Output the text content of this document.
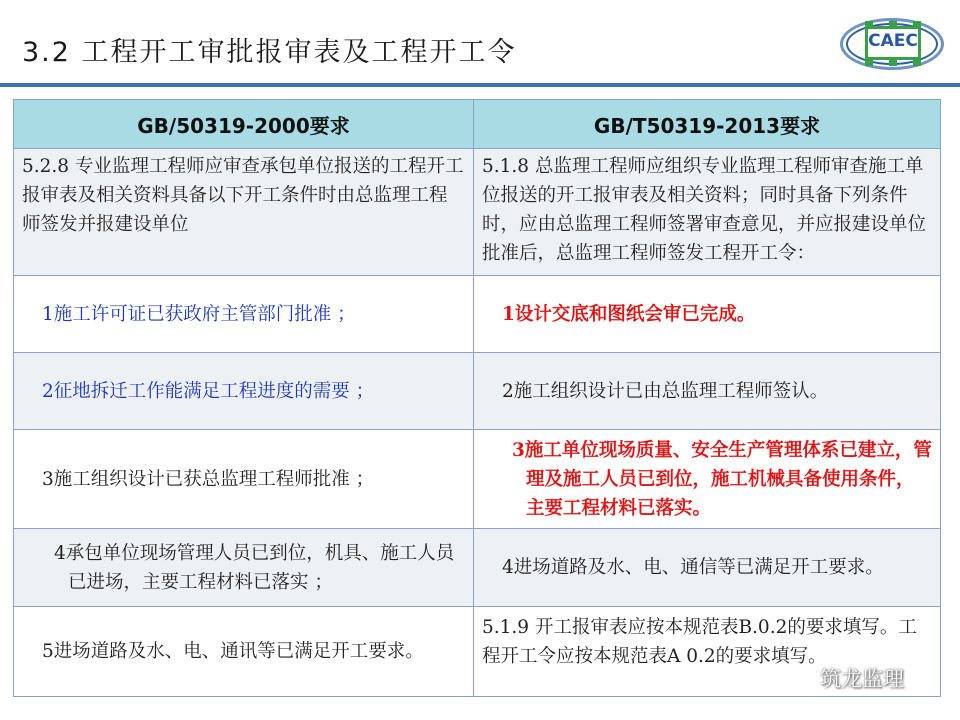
3.2 工程开工审批报审表及工程开工令	CAEC
GB/50319-2000要求	GB/T50319-2013要求
5.2.8 专业监理工程师应审查承包单位报送的工程开工报审表及相关资料具备以下开工条件时由总监理工程师签发并报建设单位	5.1.8 总监理工程师应组织专业监理工程师审查施工单位报送的开工报审表及相关资料；同时具备下列条件时，应由总监理工程师签署审查意见，并应报建设单位批准后，总监理工程师签发工程开工令：
1施工许可证已获政府主管部门批准 ；	1设计交底和图纸会审已完成。
2征地拆迁工作能满足工程进度的需要 ；	2施工组织设计已由总监理工程师签认。
3施工组织设计已获总监理工程师批准 ；	3施工单位现场质量、安全生产管理体系已建立，管理及施工人员已到位，施工机械具备使用条件，主要工程材料已落实。

4承包单位现场管理人员已到位，机具、施工人员已进场，主要工程材料已落实 ；	4进场道路及水、电、通信等已满足开工要求。
5进场道路及水、电、通讯等已满足开工要求。	5.1.9 开工报审表应按本规范表B.0.2的要求填写。工程开工令应按本规范表A 0.2的要求填写。
筑龙监理
